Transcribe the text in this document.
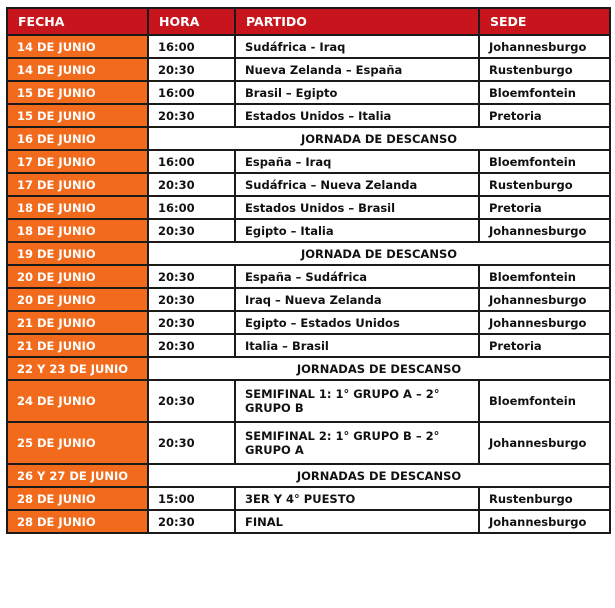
FECHA	HORA	PARTIDO	SEDE
14 DE JUNIO	16:00	Sudáfrica - Iraq	Johannesburgo
14 DE JUNIO	20:30	Nueva Zelanda – España	Rustenburgo
15 DE JUNIO	16:00	Brasil – Egipto	Bloemfontein
15 DE JUNIO	20:30	Estados Unidos – Italia	Pretoria
16 DE JUNIO	JORNADA DE DESCANSO		
17 DE JUNIO	16:00	España – Iraq	Bloemfontein
17 DE JUNIO	20:30	Sudáfrica – Nueva Zelanda	Rustenburgo
18 DE JUNIO	16:00	Estados Unidos – Brasil	Pretoria
18 DE JUNIO	20:30	Egipto – Italia	Johannesburgo
19 DE JUNIO	JORNADA DE DESCANSO		
20 DE JUNIO	20:30	España – Sudáfrica	Bloemfontein
20 DE JUNIO	20:30	Iraq – Nueva Zelanda	Johannesburgo
21 DE JUNIO	20:30	Egipto – Estados Unidos	Johannesburgo
21 DE JUNIO	20:30	Italia – Brasil	Pretoria
22 Y 23 DE JUNIO	JORNADAS DE DESCANSO		
24 DE JUNIO	20:30	SEMIFINAL 1: 1° GRUPO A – 2° GRUPO B	Bloemfontein
25 DE JUNIO	20:30	SEMIFINAL 2: 1° GRUPO B – 2° GRUPO A	Johannesburgo
26 Y 27 DE JUNIO	JORNADAS DE DESCANSO		
28 DE JUNIO	15:00	3ER Y 4° PUESTO	Rustenburgo
28 DE JUNIO	20:30	FINAL	Johannesburgo
